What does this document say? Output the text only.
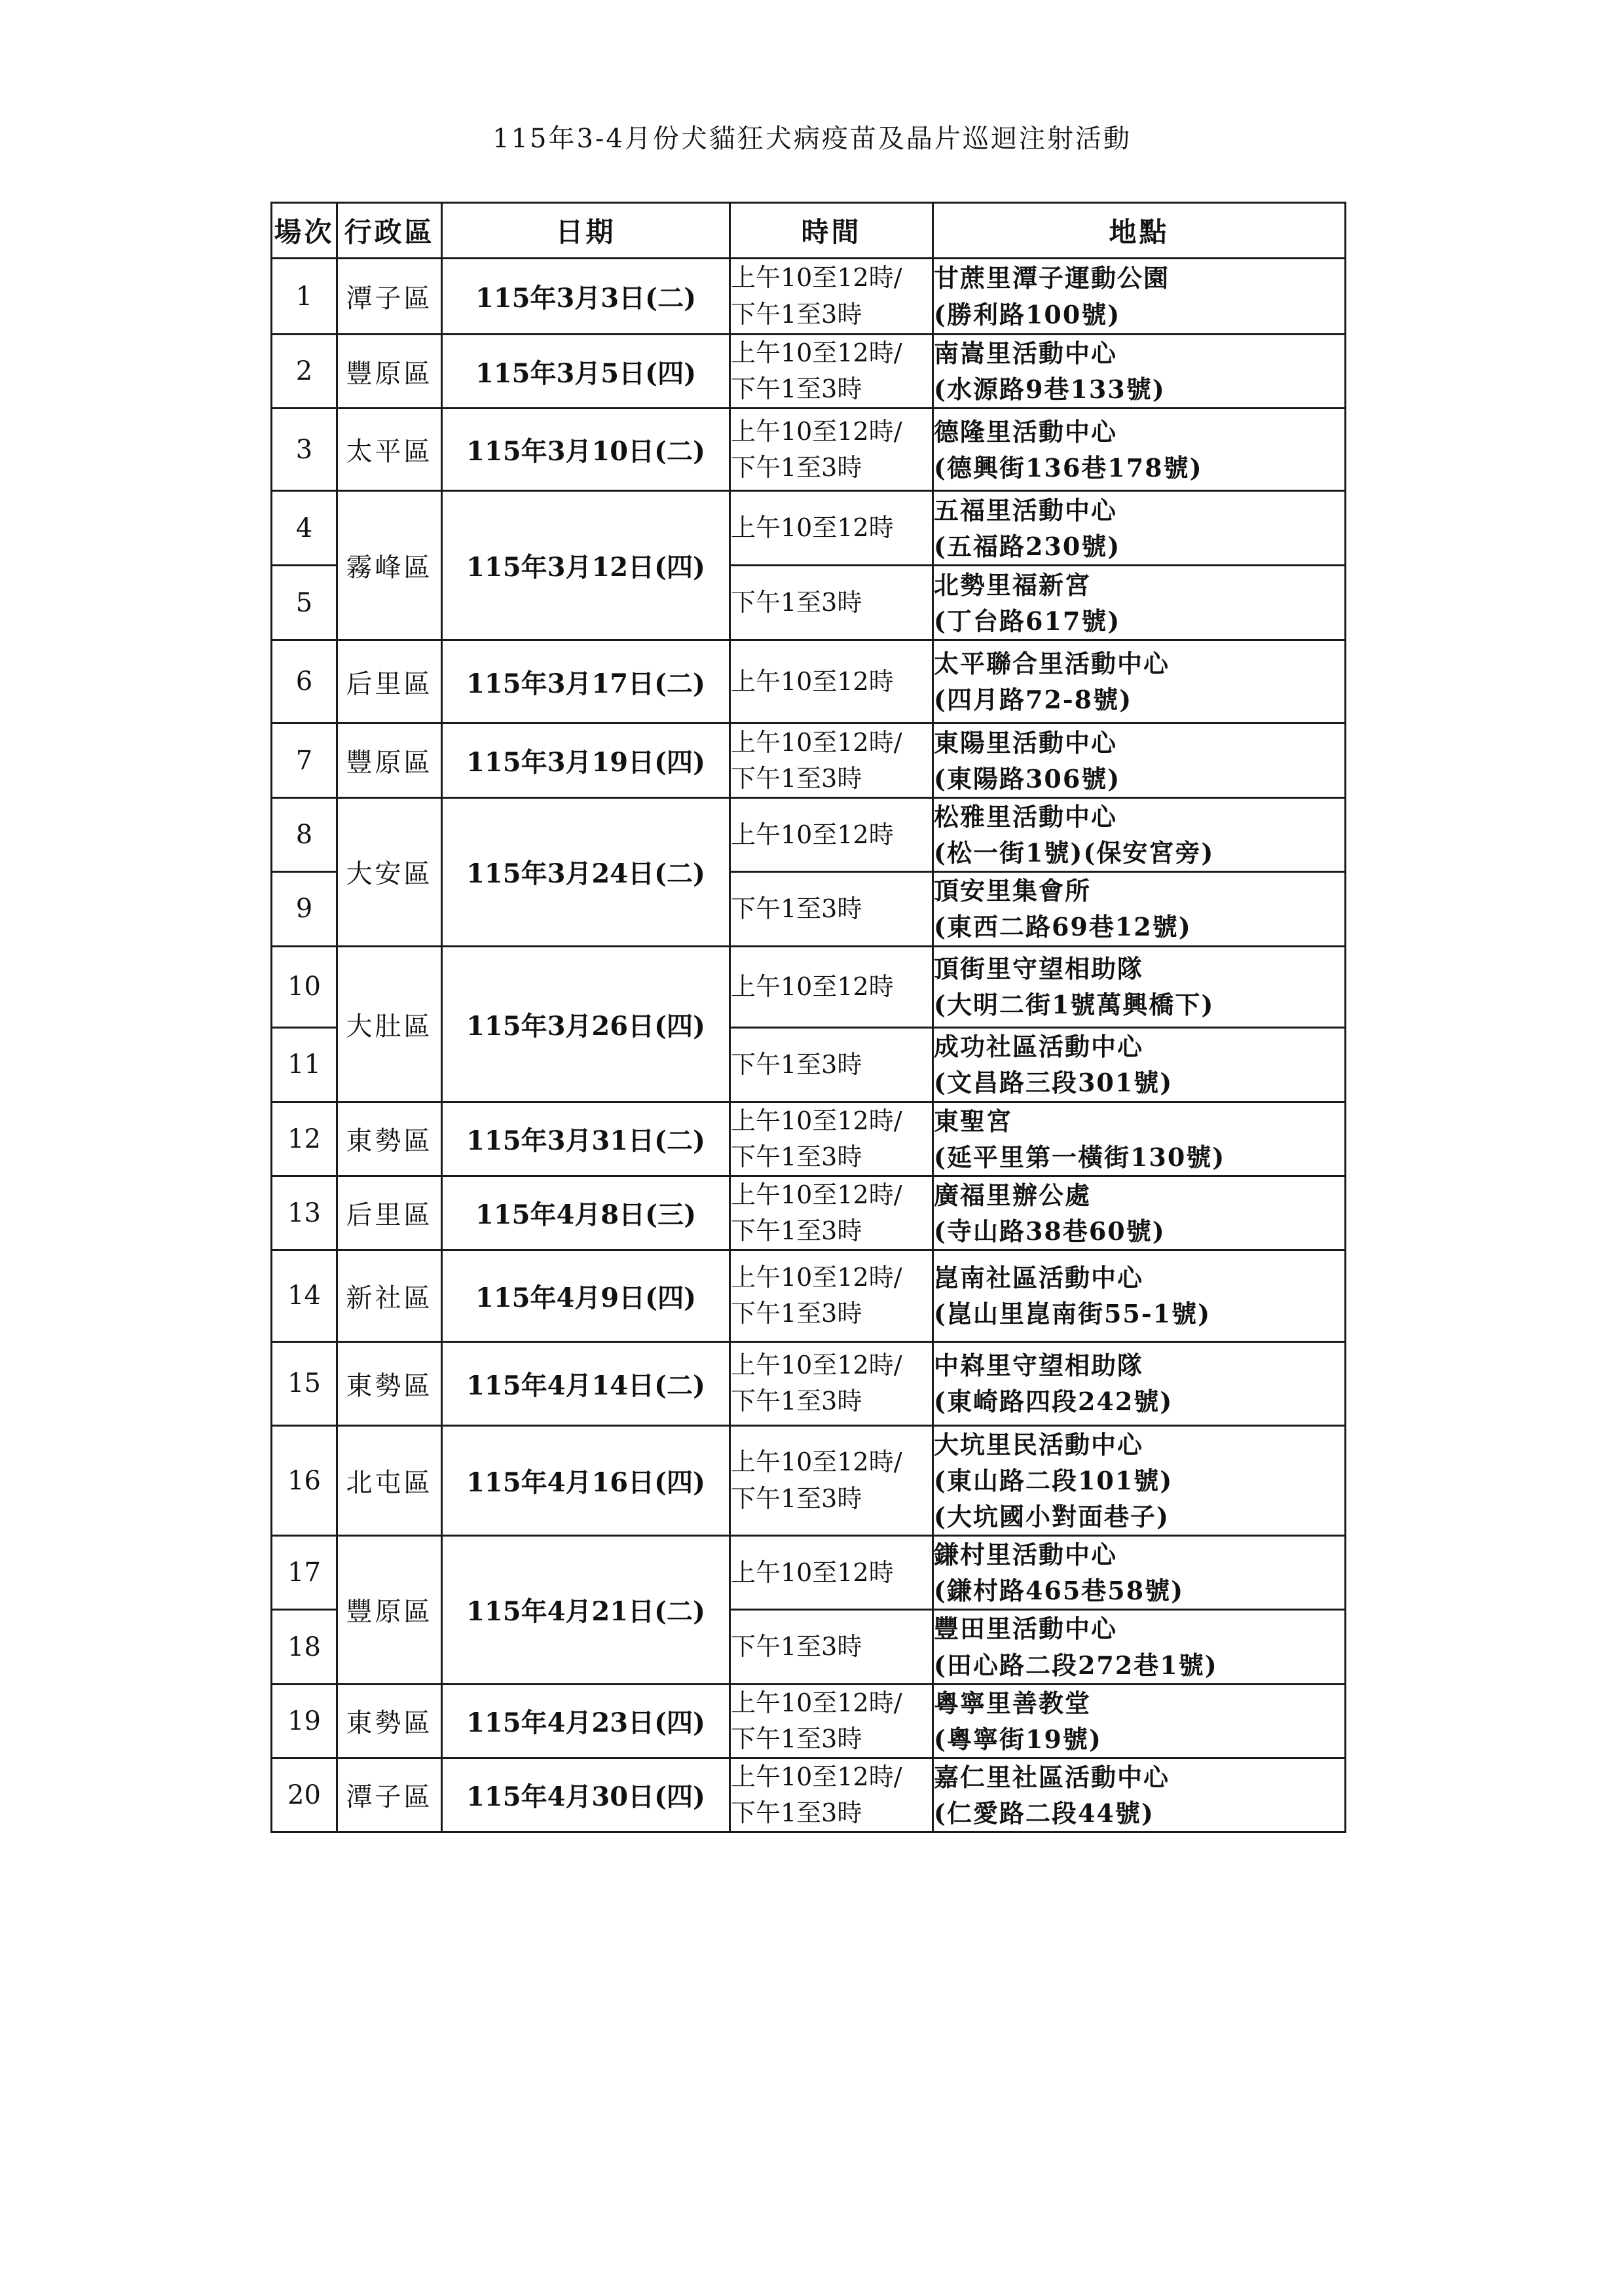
115年3-4月份犬貓狂犬病疫苗及晶片巡迴注射活動
場次	行政區	日期	時間	地點
1	潭子區	115年3月3日(二)	上午10至12時/
下午1至3時	甘蔗里潭子運動公園
(勝利路100號)

2	豐原區	115年3月5日(四)	上午10至12時/
下午1至3時	南嵩里活動中心
(水源路9巷133號)

3	太平區	115年3月10日(二)	上午10至12時/
下午1至3時	德隆里活動中心
(德興街136巷178號)

4	霧峰區	115年3月12日(四)	上午10至12時	五福里活動中心
(五福路230號)

5			下午1至3時	北勢里福新宮
(丁台路617號)

6	后里區	115年3月17日(二)	上午10至12時	太平聯合里活動中心
(四月路72-8號)

7	豐原區	115年3月19日(四)	上午10至12時/
下午1至3時	東陽里活動中心
(東陽路306號)

8	大安區	115年3月24日(二)	上午10至12時	松雅里活動中心
(松一街1號)(保安宮旁)

9			下午1至3時	頂安里集會所
(東西二路69巷12號)

10	大肚區	115年3月26日(四)	上午10至12時	頂街里守望相助隊
(大明二街1號萬興橋下)

11			下午1至3時	成功社區活動中心
(文昌路三段301號)

12	東勢區	115年3月31日(二)	上午10至12時/
下午1至3時	東聖宮
(延平里第一橫街130號)

13	后里區	115年4月8日(三)	上午10至12時/
下午1至3時	廣福里辦公處
(寺山路38巷60號)

14	新社區	115年4月9日(四)	上午10至12時/
下午1至3時	崑南社區活動中心
(崑山里崑南街55-1號)

15	東勢區	115年4月14日(二)	上午10至12時/
下午1至3時	中嵙里守望相助隊
(東崎路四段242號)

16	北屯區	115年4月16日(四)	上午10至12時/
下午1至3時	大坑里民活動中心
(東山路二段101號)
(大坑國小對面巷子)

17	豐原區	115年4月21日(二)	上午10至12時	鎌村里活動中心
(鎌村路465巷58號)

18			下午1至3時	豐田里活動中心
(田心路二段272巷1號)

19	東勢區	115年4月23日(四)	上午10至12時/
下午1至3時	粵寧里善教堂
(粵寧街19號)

20	潭子區	115年4月30日(四)	上午10至12時/
下午1至3時	嘉仁里社區活動中心
(仁愛路二段44號)
